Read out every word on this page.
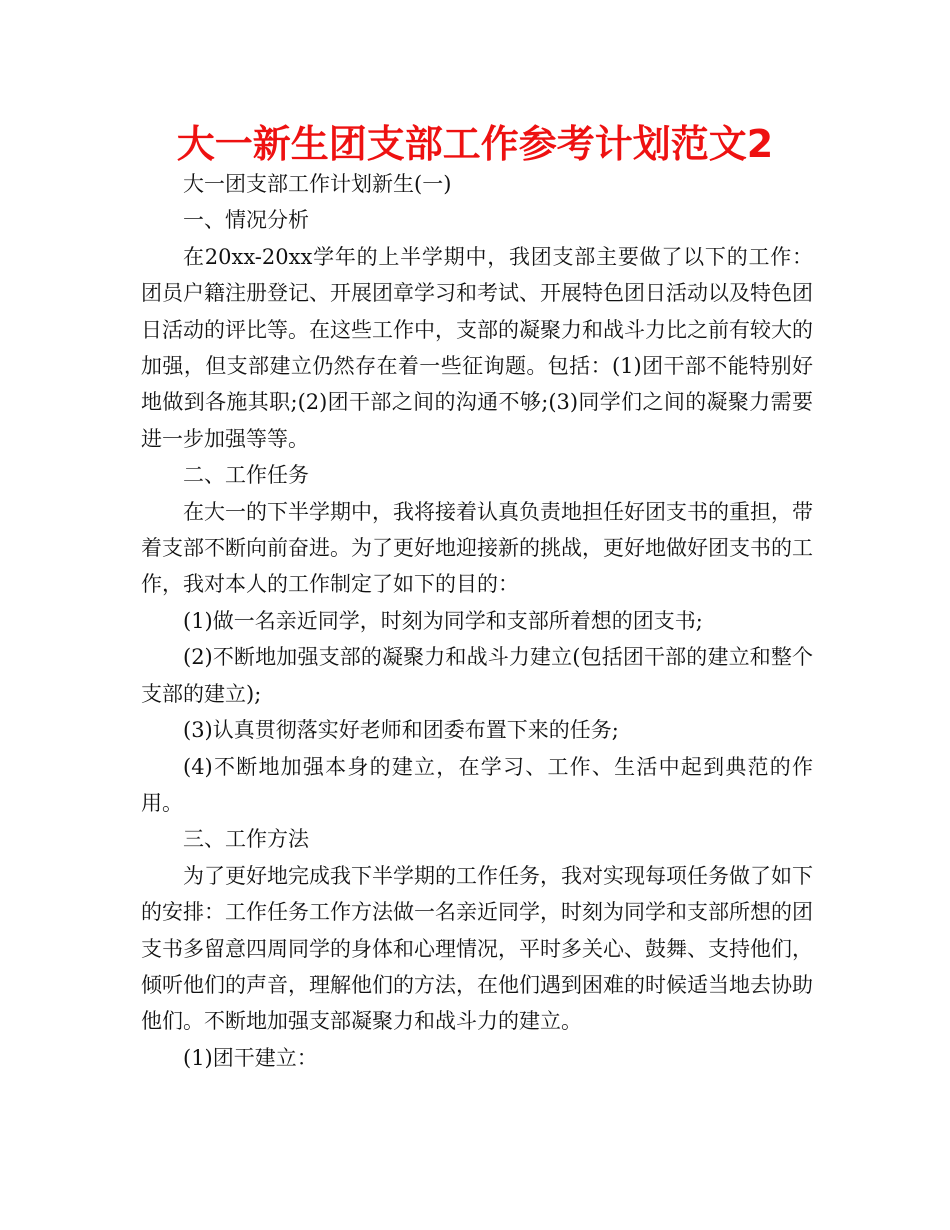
大一新生团支部工作参考计划范文2

大一团支部工作计划新生(一)

一、情况分析

在20xx-20xx学年的上半学期中，我团支部主要做了以下的工作：团员户籍注册登记、开展团章学习和考试、开展特色团日活动以及特色团日活动的评比等。在这些工作中，支部的凝聚力和战斗力比之前有较大的加强，但支部建立仍然存在着一些征询题。包括：(1)团干部不能特别好地做到各施其职;(2)团干部之间的沟通不够;(3)同学们之间的凝聚力需要进一步加强等等。

二、工作任务

在大一的下半学期中，我将接着认真负责地担任好团支书的重担，带着支部不断向前奋进。为了更好地迎接新的挑战，更好地做好团支书的工作，我对本人的工作制定了如下的目的：

(1)做一名亲近同学，时刻为同学和支部所着想的团支书;

(2)不断地加强支部的凝聚力和战斗力建立(包括团干部的建立和整个支部的建立);

(3)认真贯彻落实好老师和团委布置下来的任务;

(4)不断地加强本身的建立，在学习、工作、生活中起到典范的作用。

三、工作方法

为了更好地完成我下半学期的工作任务，我对实现每项任务做了如下的安排：工作任务工作方法做一名亲近同学，时刻为同学和支部所想的团支书多留意四周同学的身体和心理情况，平时多关心、鼓舞、支持他们，倾听他们的声音，理解他们的方法，在他们遇到困难的时候适当地去协助他们。不断地加强支部凝聚力和战斗力的建立。

(1)团干建立：
